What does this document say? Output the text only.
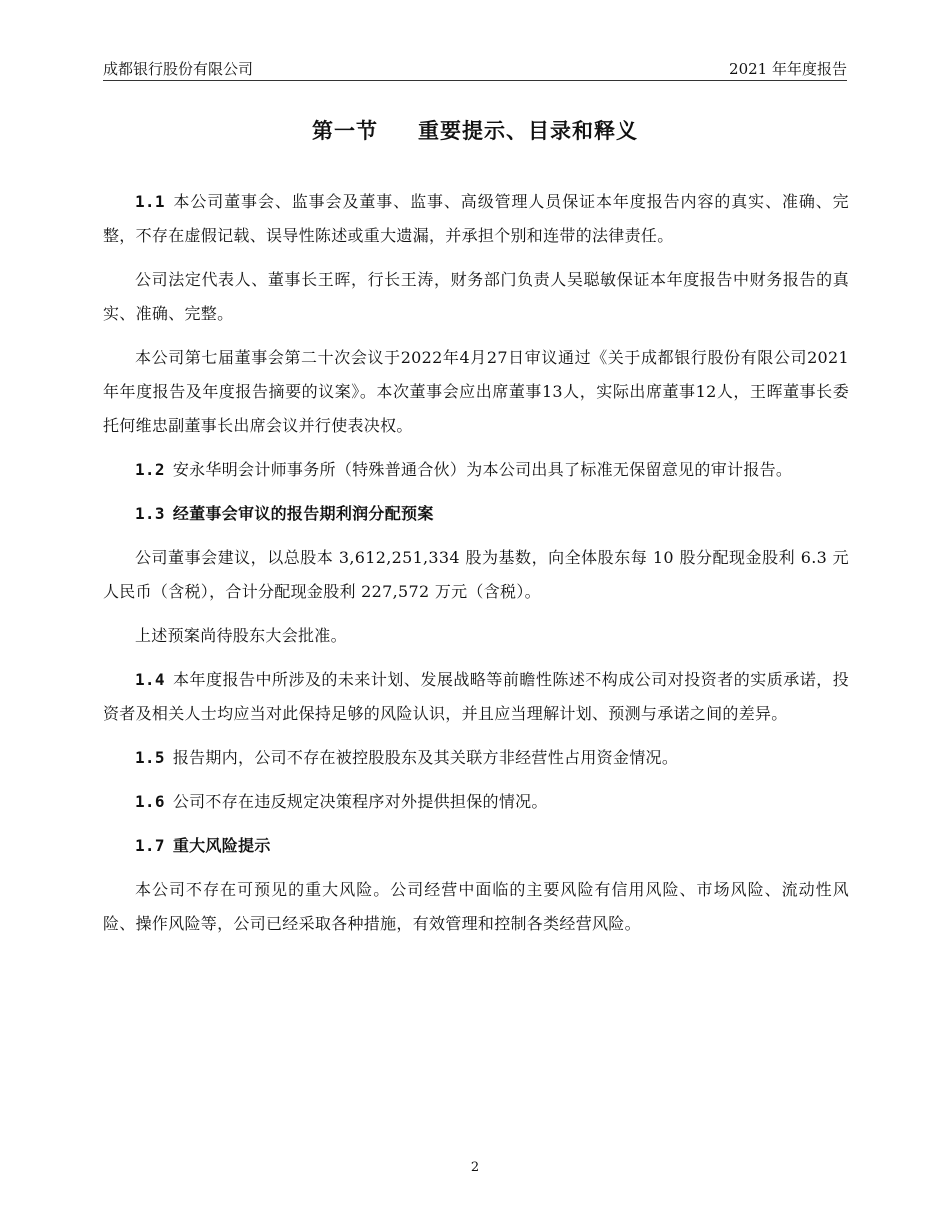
成都银行股份有限公司	2021 年年度报告
第一节 重要提示、目录和释义

1.1 本公司董事会、监事会及董事、监事、高级管理人员保证本年度报告内容的真实、准确、完整，不存在虚假记载、误导性陈述或重大遗漏，并承担个别和连带的法律责任。

公司法定代表人、董事长王晖，行长王涛，财务部门负责人吴聪敏保证本年度报告中财务报告的真实、准确、完整。

本公司第七届董事会第二十次会议于2022年4月27日审议通过《关于成都银行股份有限公司2021年年度报告及年度报告摘要的议案》。本次董事会应出席董事13人，实际出席董事12人，王晖董事长委托何维忠副董事长出席会议并行使表决权。

1.2 安永华明会计师事务所（特殊普通合伙）为本公司出具了标准无保留意见的审计报告。

1.3 经董事会审议的报告期利润分配预案

公司董事会建议，以总股本 3,612,251,334 股为基数，向全体股东每 10 股分配现金股利 6.3 元人民币（含税），合计分配现金股利 227,572 万元（含税）。

上述预案尚待股东大会批准。

1.4 本年度报告中所涉及的未来计划、发展战略等前瞻性陈述不构成公司对投资者的实质承诺，投资者及相关人士均应当对此保持足够的风险认识，并且应当理解计划、预测与承诺之间的差异。

1.5 报告期内，公司不存在被控股股东及其关联方非经营性占用资金情况。

1.6 公司不存在违反规定决策程序对外提供担保的情况。

1.7 重大风险提示

本公司不存在可预见的重大风险。公司经营中面临的主要风险有信用风险、市场风险、流动性风险、操作风险等，公司已经采取各种措施，有效管理和控制各类经营风险。

2
